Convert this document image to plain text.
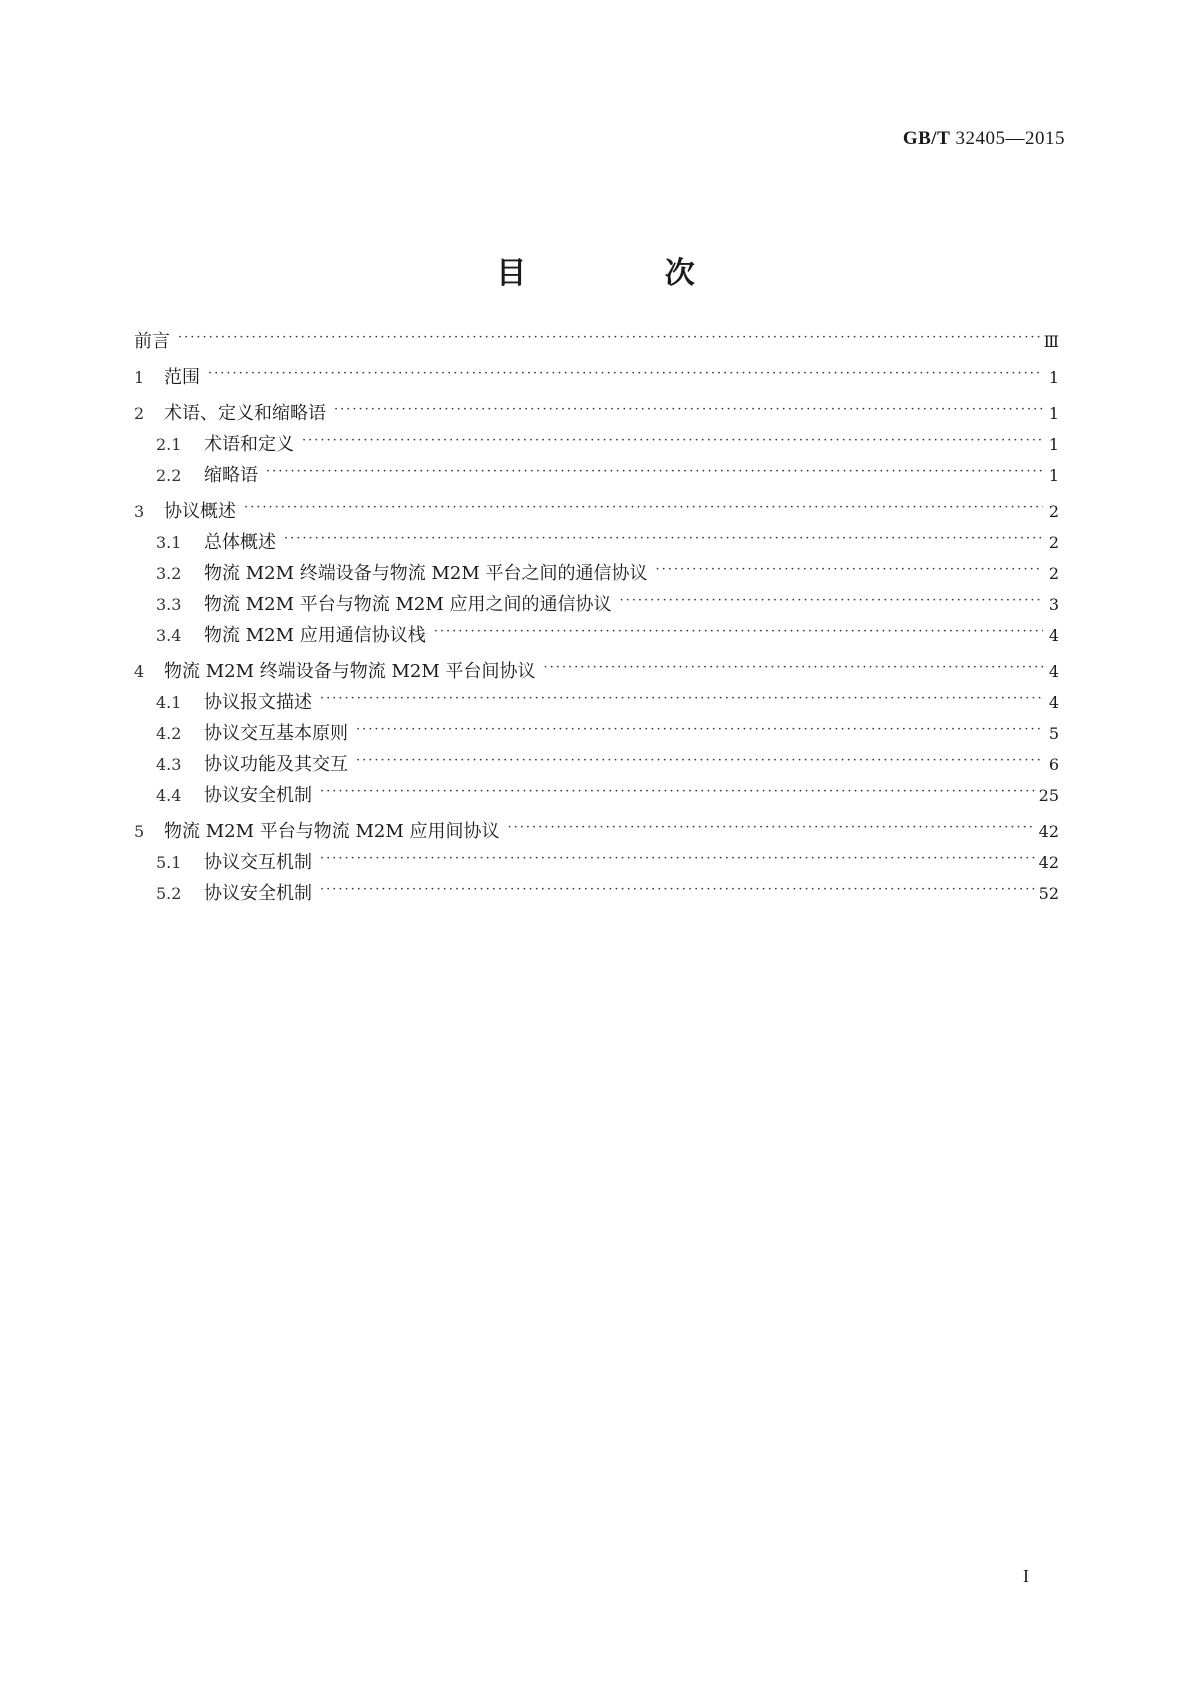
GB/T 32405—2015
目 次
前言 ·····	Ⅲ
1	范围 ·····	1
2	术语、定义和缩略语 ·····	1
2.1	术语和定义 ·····	1
2.2	缩略语 ·····	1
3	协议概述 ·····	2
3.1	总体概述 ·····	2
3.2	物流 M2M 终端设备与物流 M2M 平台之间的通信协议 ·····	2
3.3	物流 M2M 平台与物流 M2M 应用之间的通信协议 ·····	3
3.4	物流 M2M 应用通信协议栈 ·····	4
4	物流 M2M 终端设备与物流 M2M 平台间协议 ·····	4
4.1	协议报文描述 ·····	4
4.2	协议交互基本原则 ·····	5
4.3	协议功能及其交互 ·····	6
4.4	协议安全机制 ·····	25
5	物流 M2M 平台与物流 M2M 应用间协议 ·····	42
5.1	协议交互机制 ·····	42
5.2	协议安全机制 ·····	52
I
